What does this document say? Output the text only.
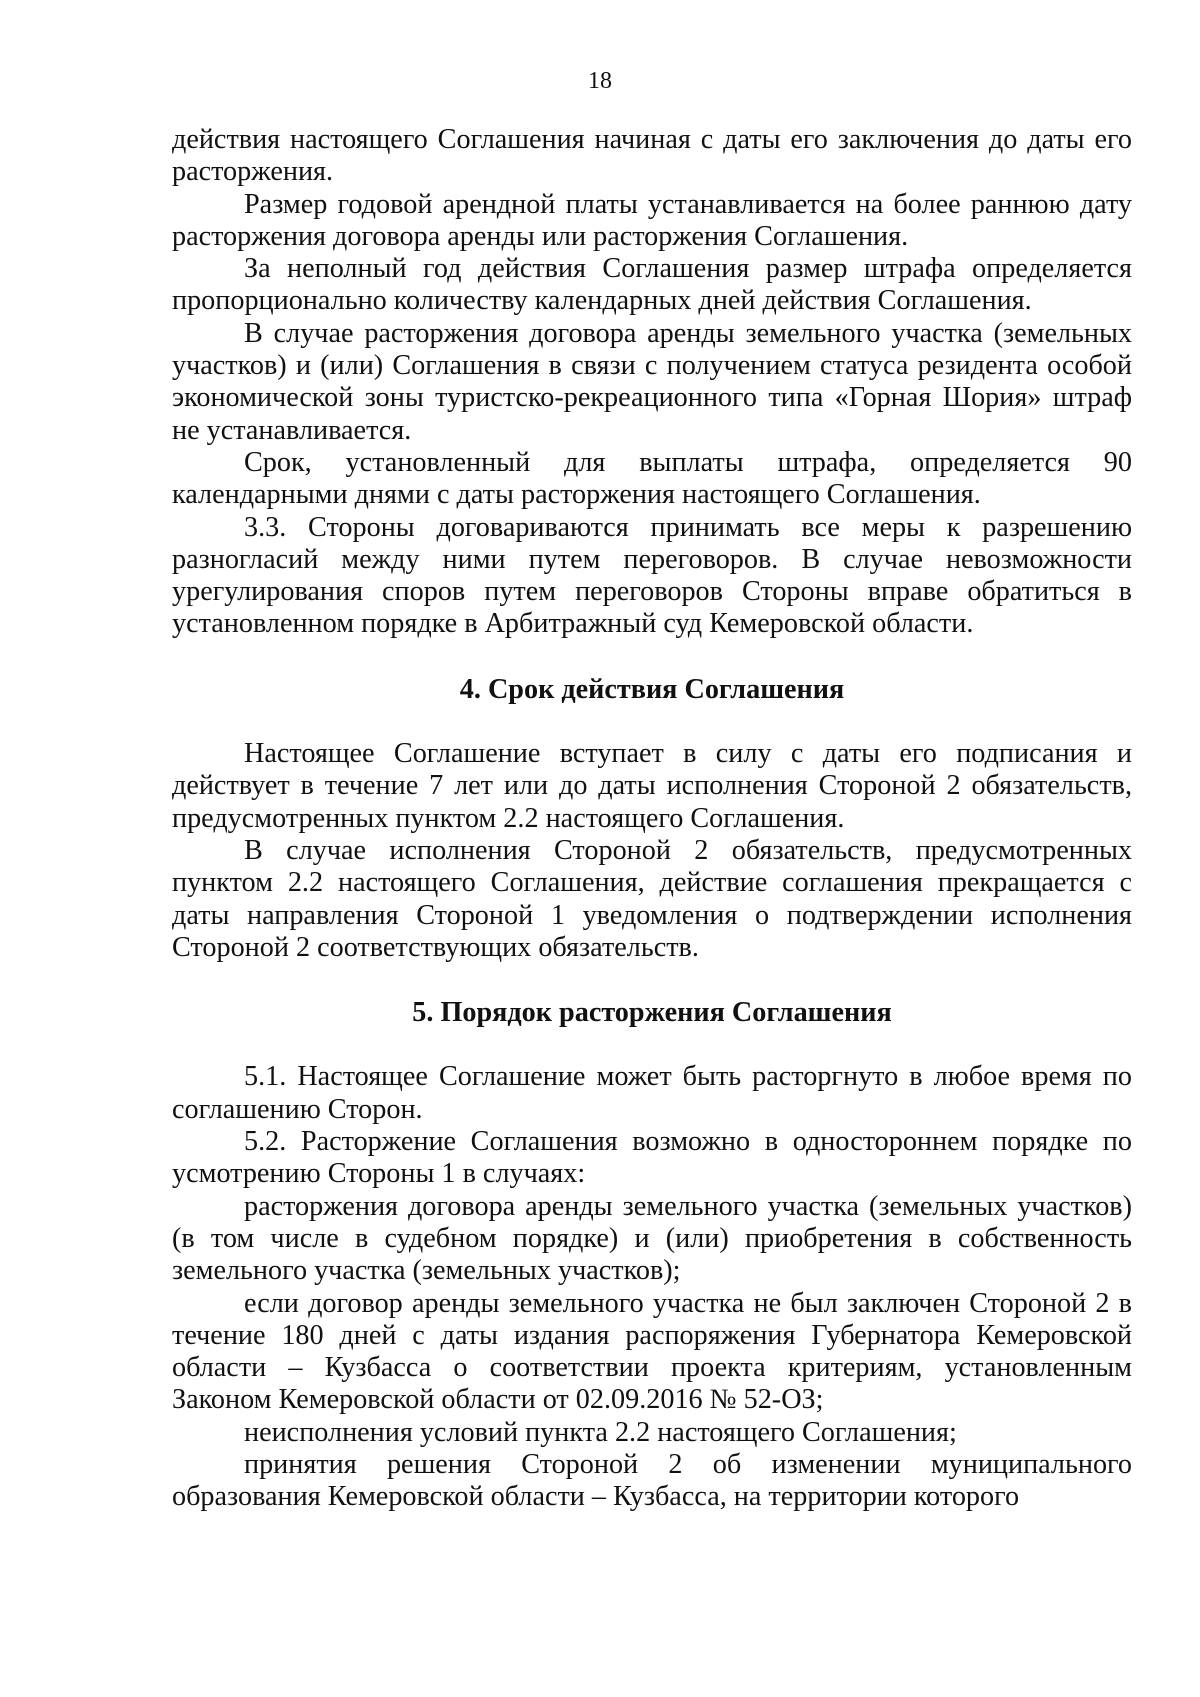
18

действия настоящего Соглашения начиная с даты его заключения до даты его расторжения.

Размер годовой арендной платы устанавливается на более раннюю дату расторжения договора аренды или расторжения Соглашения.

За неполный год действия Соглашения размер штрафа определяется пропорционально количеству календарных дней действия Соглашения.

В случае расторжения договора аренды земельного участка (земельных участков) и (или) Соглашения в связи с получением статуса резидента особой экономической зоны туристско-рекреационного типа «Горная Шория» штраф не устанавливается.

Срок, установленный для выплаты штрафа, определяется 90 календарными днями с даты расторжения настоящего Соглашения.

3.3. Стороны договариваются принимать все меры к разрешению разногласий между ними путем переговоров. В случае невозможности урегулирования споров путем переговоров Стороны вправе обратиться в установленном порядке в Арбитражный суд Кемеровской области.

4. Срок действия Соглашения

Настоящее Соглашение вступает в силу с даты его подписания и действует в течение 7 лет или до даты исполнения Стороной 2 обязательств, предусмотренных пунктом 2.2 настоящего Соглашения.

В случае исполнения Стороной 2 обязательств, предусмотренных пунктом 2.2 настоящего Соглашения, действие соглашения прекращается с даты направления Стороной 1 уведомления о подтверждении исполнения Стороной 2 соответствующих обязательств.

5. Порядок расторжения Соглашения

5.1. Настоящее Соглашение может быть расторгнуто в любое время по соглашению Сторон.

5.2. Расторжение Соглашения возможно в одностороннем порядке по усмотрению Стороны 1 в случаях:

расторжения договора аренды земельного участка (земельных участков) (в том числе в судебном порядке) и (или) приобретения в собственность земельного участка (земельных участков);

если договор аренды земельного участка не был заключен Стороной 2 в течение 180 дней с даты издания распоряжения Губернатора Кемеровской области – Кузбасса о соответствии проекта критериям, установленным Законом Кемеровской области от 02.09.2016 № 52-ОЗ;

неисполнения условий пункта 2.2 настоящего Соглашения;

принятия решения Стороной 2 об изменении муниципального образования Кемеровской области – Кузбасса, на территории которого
